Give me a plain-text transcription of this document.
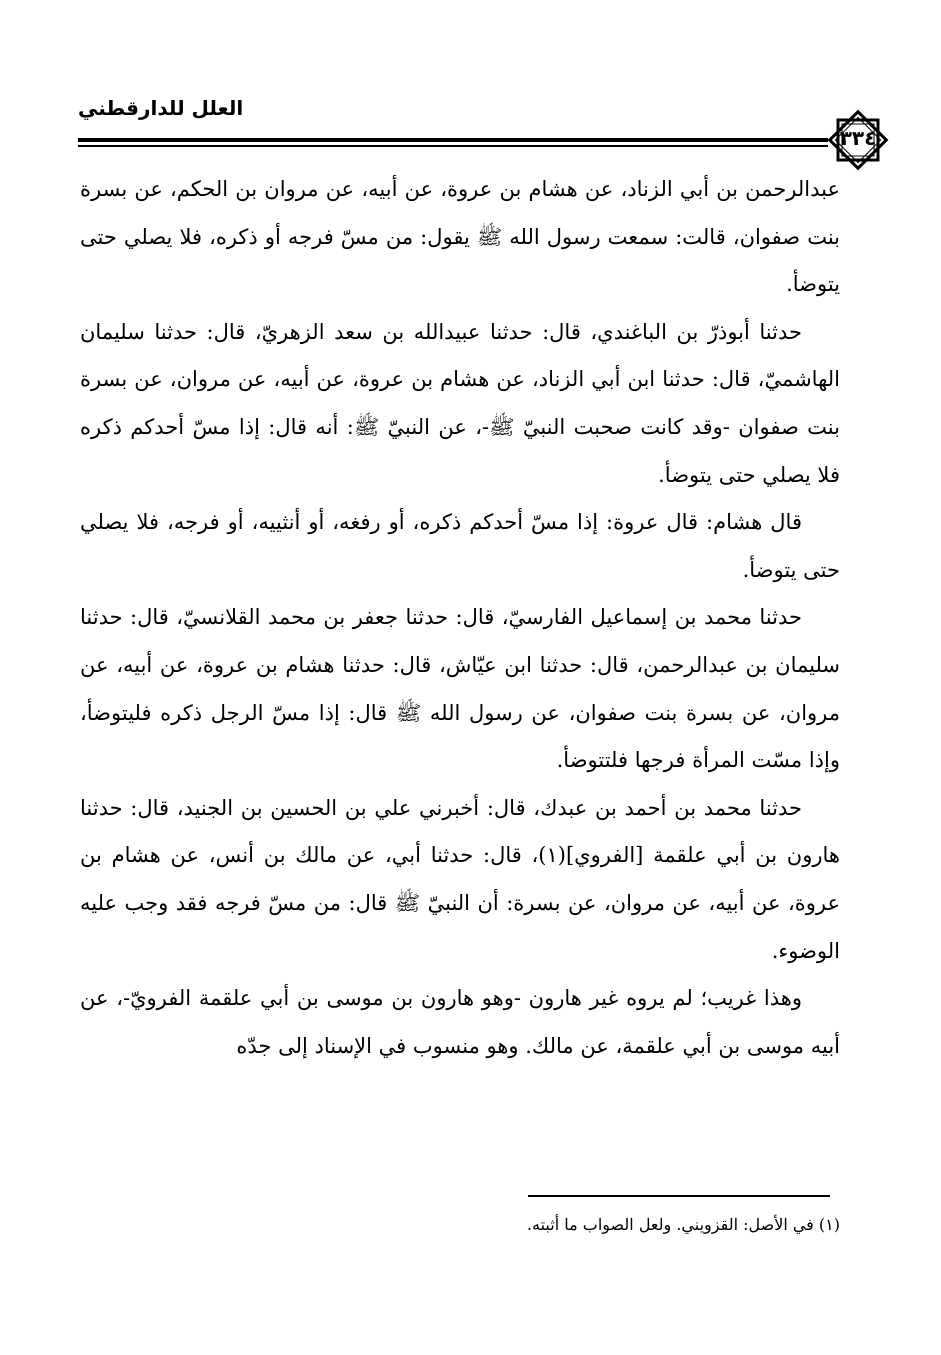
العلل للدارقطني
٣٣٤

عبدالرحمن بن أبي الزناد، عن هشام بن عروة، عن أبيه، عن مروان بن الحكم، عن بسرة بنت صفوان، قالت: سمعت رسول الله ﷺ يقول: من مسّ فرجه أو ذكره، فلا يصلي حتى يتوضأ.

حدثنا أبوذرّ بن الباغندي، قال: حدثنا عبيدالله بن سعد الزهريّ، قال: حدثنا سليمان الهاشميّ، قال: حدثنا ابن أبي الزناد، عن هشام بن عروة، عن أبيه، عن مروان، عن بسرة بنت صفوان -وقد كانت صحبت النبيّ ﷺ-، عن النبيّ ﷺ: أنه قال: إذا مسّ أحدكم ذكره فلا يصلي حتى يتوضأ.

قال هشام: قال عروة: إذا مسّ أحدكم ذكره، أو رفغه، أو أنثييه، أو فرجه، فلا يصلي حتى يتوضأ.

حدثنا محمد بن إسماعيل الفارسيّ، قال: حدثنا جعفر بن محمد القلانسيّ، قال: حدثنا سليمان بن عبدالرحمن، قال: حدثنا ابن عيّاش، قال: حدثنا هشام بن عروة، عن أبيه، عن مروان، عن بسرة بنت صفوان، عن رسول الله ﷺ قال: إذا مسّ الرجل ذكره فليتوضأ، وإذا مسّت المرأة فرجها فلتتوضأ.

حدثنا محمد بن أحمد بن عبدك، قال: أخبرني علي بن الحسين بن الجنيد، قال: حدثنا هارون بن أبي علقمة [الفروي](١)، قال: حدثنا أبي، عن مالك بن أنس، عن هشام بن عروة، عن أبيه، عن مروان، عن بسرة: أن النبيّ ﷺ قال: من مسّ فرجه فقد وجب عليه الوضوء.

وهذا غريب؛ لم يروه غير هارون -وهو هارون بن موسى بن أبي علقمة الفرويّ-، عن أبيه موسى بن أبي علقمة، عن مالك. وهو منسوب في الإسناد إلى جدّه

(١) في الأصل: القزويني. ولعل الصواب ما أثبته.
